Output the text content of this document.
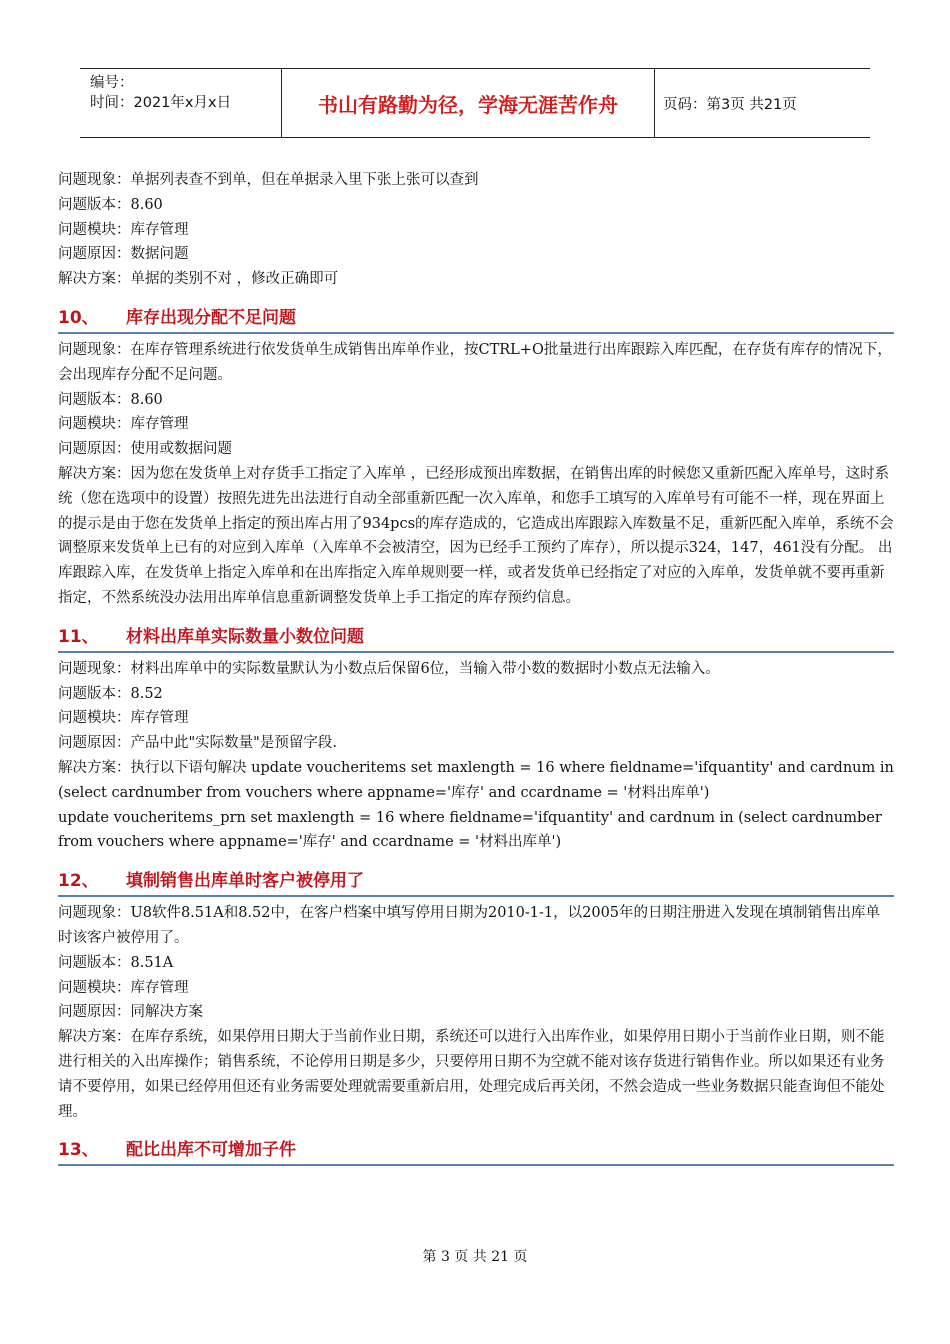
编号：
时间：2021年x月x日	书山有路勤为径，学海无涯苦作舟	页码：第3页 共21页
问题现象：单据列表查不到单，但在单据录入里下张上张可以查到
问题版本：8.60
问题模块：库存管理
问题原因：数据问题
解决方案：单据的类别不对 ，修改正确即可
10、 库存出现分配不足问题
问题现象：在库存管理系统进行依发货单生成销售出库单作业，按CTRL+O批量进行出库跟踪入库匹配，在存货有库存的情况下，会出现库存分配不足问题。
问题版本：8.60
问题模块：库存管理
问题原因：使用或数据问题
解决方案：因为您在发货单上对存货手工指定了入库单 ，已经形成预出库数据，在销售出库的时候您又重新匹配入库单号，这时系统（您在选项中的设置）按照先进先出法进行自动全部重新匹配一次入库单，和您手工填写的入库单号有可能不一样，现在界面上的提示是由于您在发货单上指定的预出库占用了934pcs的库存造成的，它造成出库跟踪入库数量不足，重新匹配入库单，系统不会调整原来发货单上已有的对应到入库单（入库单不会被清空，因为已经手工预约了库存），所以提示324，147，461没有分配。 出库跟踪入库，在发货单上指定入库单和在出库指定入库单规则要一样，或者发货单已经指定了对应的入库单，发货单就不要再重新指定，不然系统没办法用出库单信息重新调整发货单上手工指定的库存预约信息。
11、 材料出库单实际数量小数位问题
问题现象：材料出库单中的实际数量默认为小数点后保留6位，当输入带小数的数据时小数点无法输入。
问题版本：8.52
问题模块：库存管理
问题原因：产品中此"实际数量"是预留字段.
解决方案：执行以下语句解决 update voucheritems set maxlength = 16 where fieldname='ifquantity' and cardnum in (select cardnumber from vouchers where appname='库存' and ccardname = '材料出库单')
update voucheritems_prn set maxlength = 16 where fieldname='ifquantity' and cardnum in (select cardnumber from vouchers where appname='库存' and ccardname = '材料出库单')
12、 填制销售出库单时客户被停用了
问题现象：U8软件8.51A和8.52中，在客户档案中填写停用日期为2010-1-1，以2005年的日期注册进入发现在填制销售出库单时该客户被停用了。
问题版本：8.51A
问题模块：库存管理
问题原因：同解决方案
解决方案：在库存系统，如果停用日期大于当前作业日期，系统还可以进行入出库作业，如果停用日期小于当前作业日期，则不能进行相关的入出库操作；销售系统，不论停用日期是多少，只要停用日期不为空就不能对该存货进行销售作业。所以如果还有业务请不要停用，如果已经停用但还有业务需要处理就需要重新启用，处理完成后再关闭，不然会造成一些业务数据只能查询但不能处理。
13、 配比出库不可增加子件
第 3 页 共 21 页
